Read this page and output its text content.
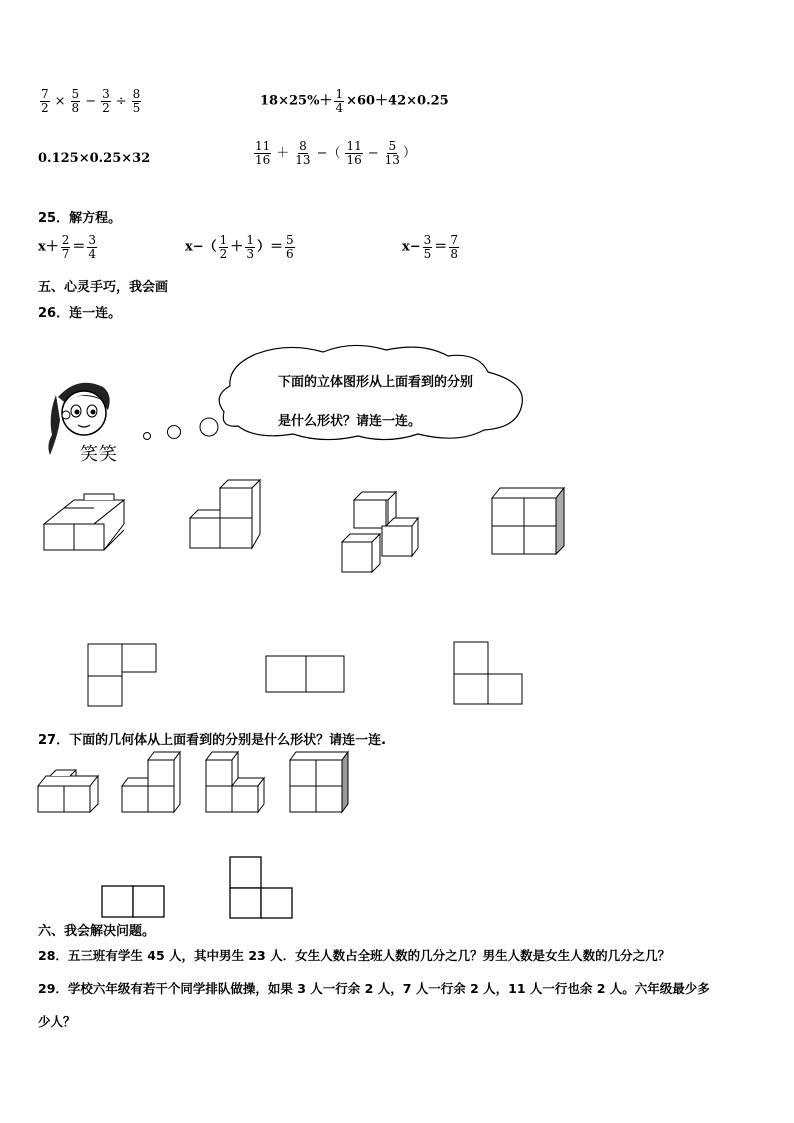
$\frac{7}{2} \times \frac{5}{8} - \frac{3}{2} \div \frac{8}{5}$	$18\times 25\%+ \frac{1}{4} \times 60+42\times 0.25$
0.125×0.25×32	$\frac{11}{16} + \frac{8}{13}$ −（ $\frac{11}{16} - \frac{5}{13}$ ）
25．解方程。
$x+ \frac{2}{7} = \frac{3}{4}$	$x-( \frac{1}{2} + \frac{1}{3}$ ）＝ $\frac{5}{6}$	$x- \frac{3}{5} = \frac{7}{8}$
五、心灵手巧，我会画
26．连一连。
笑笑
下面的立体图形从上面看到的分别
是什么形状？请连一连。
27．下面的几何体从上面看到的分别是什么形状？请连一连.
六、我会解决问题。
28．五三班有学生 45 人，其中男生 23 人．女生人数占全班人数的几分之几？男生人数是女生人数的几分之几？
29．学校六年级有若干个同学排队做操，如果 3 人一行余 2 人，7 人一行余 2 人，11 人一行也余 2 人。六年级最少多
少人？
